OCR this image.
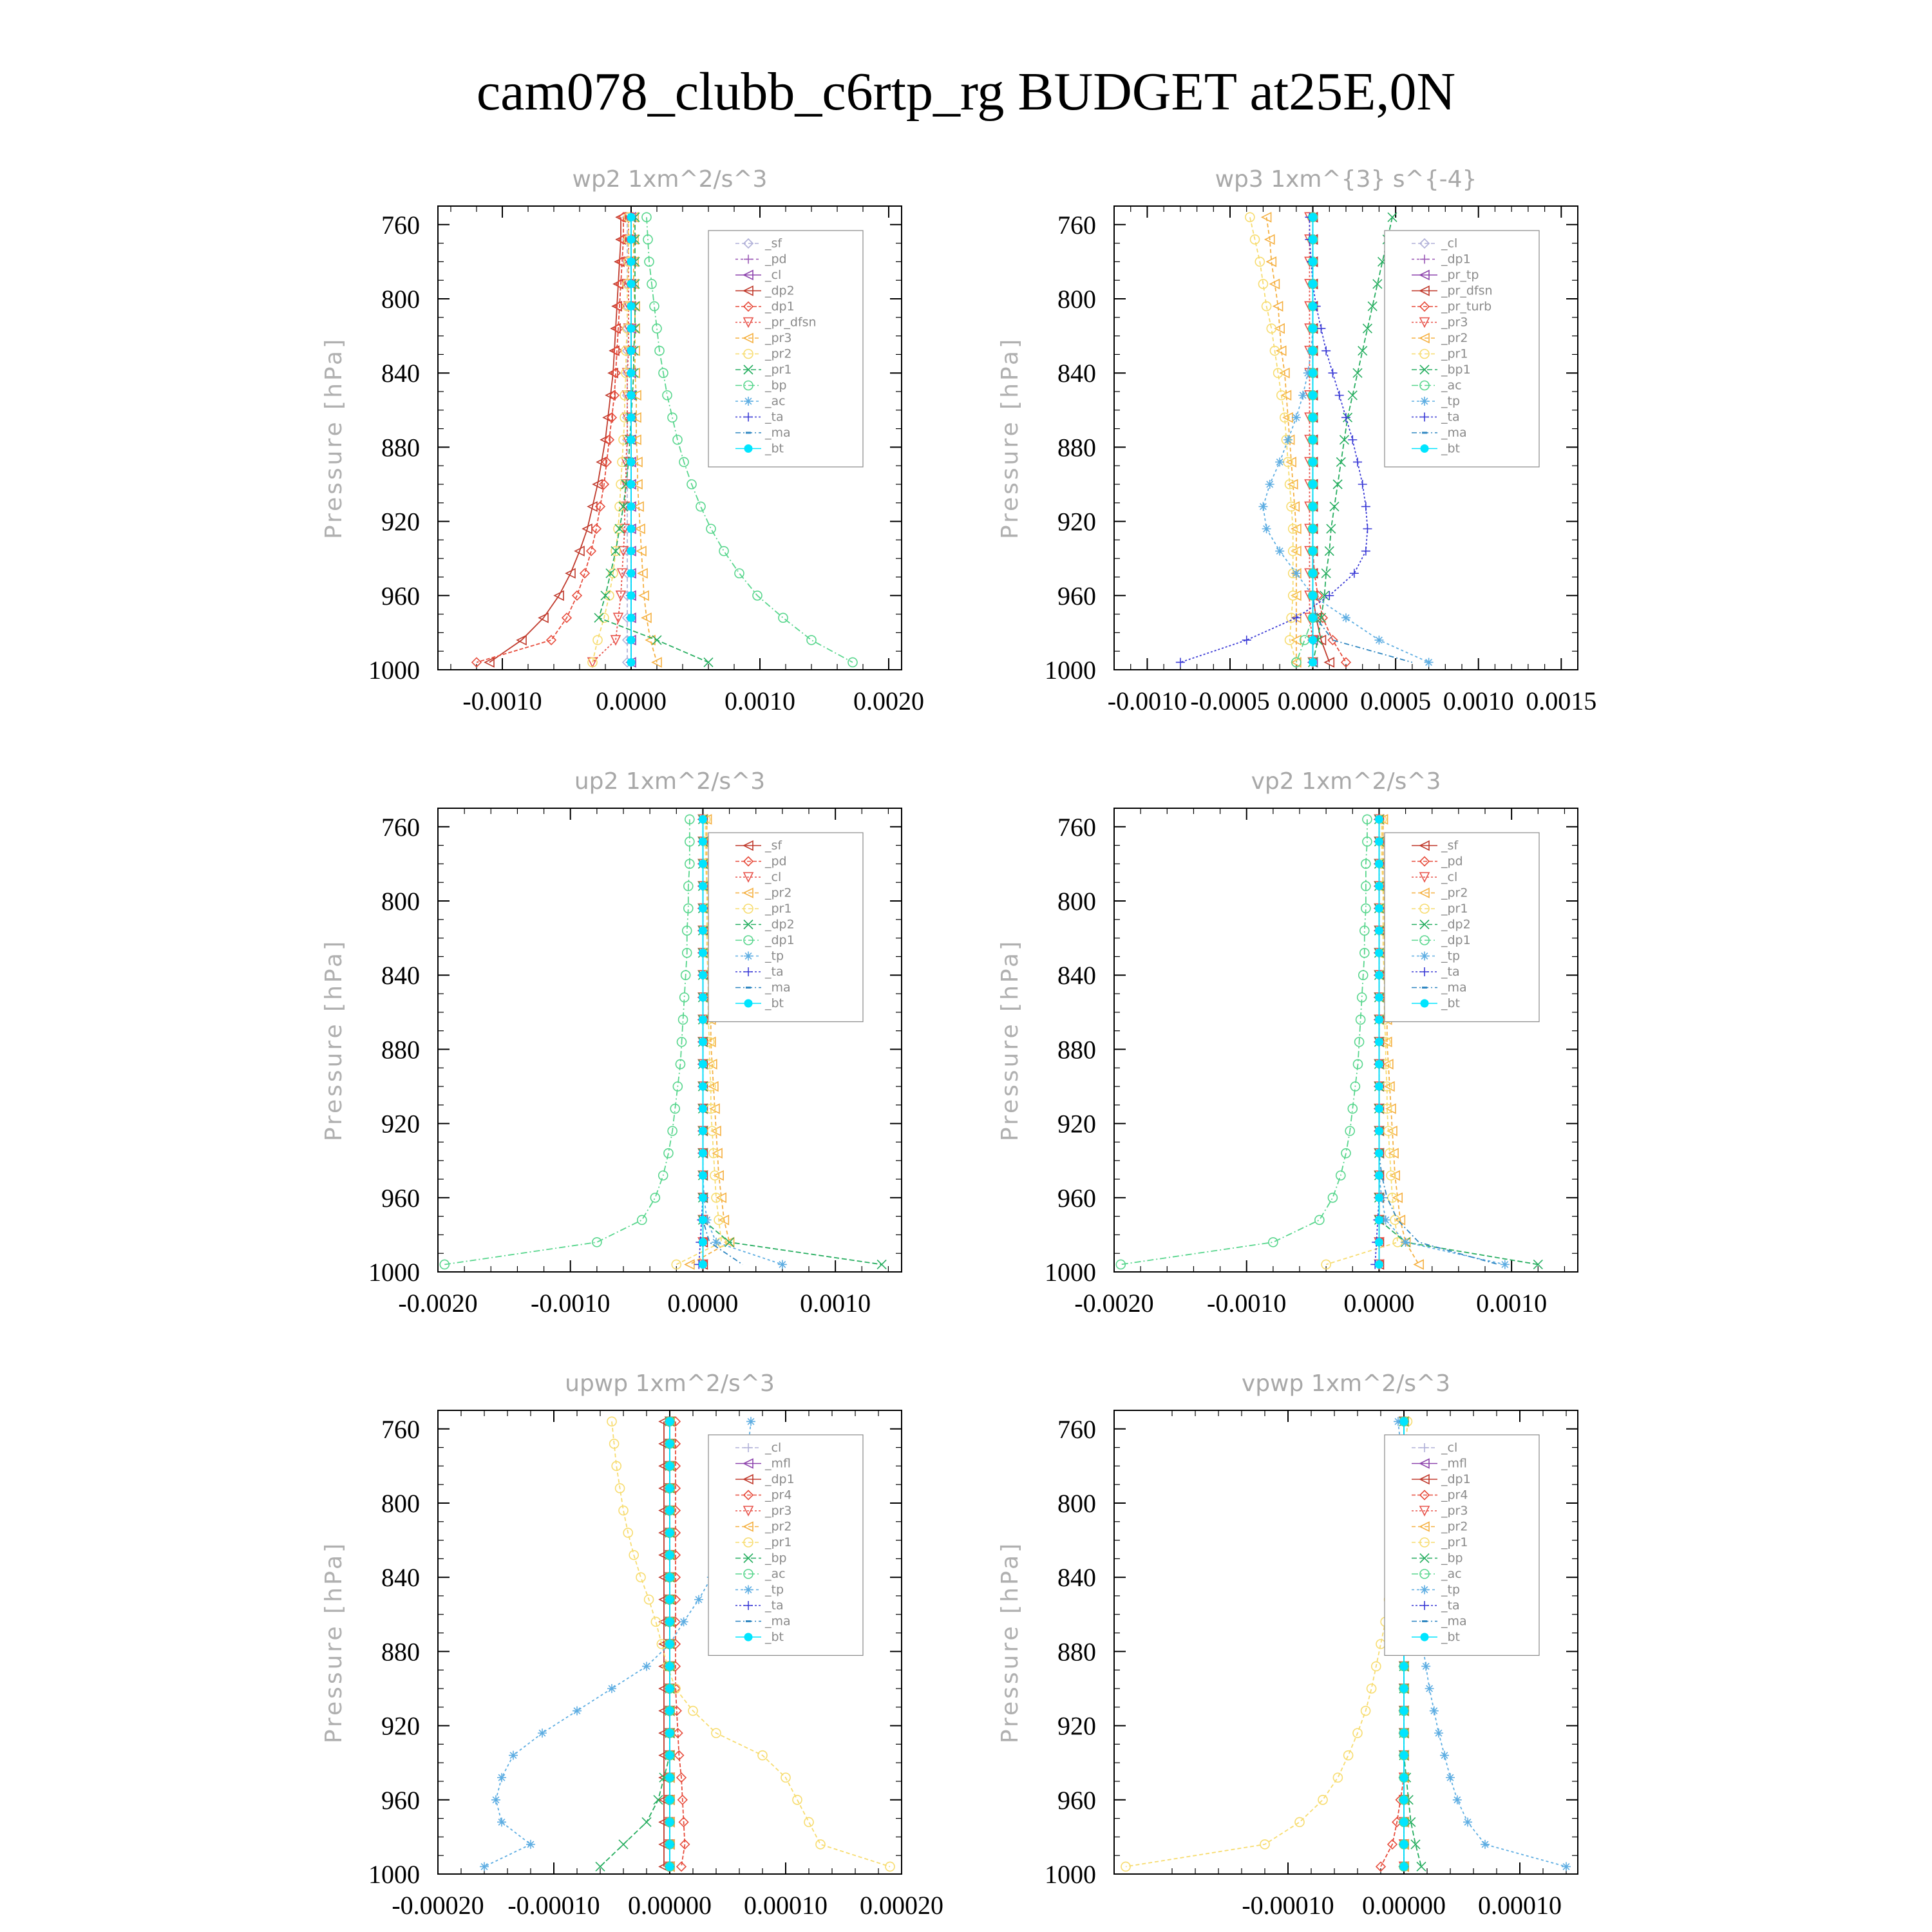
cam078_clubb_c6rtp_rg BUDGET at25E,0N
wp2 1xm^2/s^3
Pressure [hPa]
760
800
840
880
920
960
1000
-0.0010 0.0000 0.0010 0.0020
_sf
_pd
_cl
_dp2
_dp1
_pr_dfsn
_pr3
_pr2
_pr1
_bp
_ac
_ta
_ma
_bt
wp3 1xm^{3} s^{-4}
Pressure [hPa]
760
800
840
880
920
960
1000
-0.0010 -0.0005 0.0000 0.0005 0.0010 0.0015
_cl
_dp1
_pr_tp
_pr_dfsn
_pr_turb
_pr3
_pr2
_pr1
_bp1
_ac
_tp
_ta
_ma
_bt
up2 1xm^2/s^3
Pressure [hPa]
760
800
840
880
920
960
1000
-0.0020 -0.0010 0.0000 0.0010
_sf
_pd
_cl
_pr2
_pr1
_dp2
_dp1
_tp
_ta
_ma
_bt
vp2 1xm^2/s^3
Pressure [hPa]
760
800
840
880
920
960
1000
-0.0020 -0.0010 0.0000 0.0010
_sf
_pd
_cl
_pr2
_pr1
_dp2
_dp1
_tp
_ta
_ma
_bt
upwp 1xm^2/s^3
Pressure [hPa]
760
800
840
880
920
960
1000
-0.00020 -0.00010 0.00000 0.00010 0.00020
_cl
_mfl
_dp1
_pr4
_pr3
_pr2
_pr1
_bp
_ac
_tp
_ta
_ma
_bt
vpwp 1xm^2/s^3
Pressure [hPa]
760
800
840
880
920
960
1000
-0.00010 0.00000 0.00010
_cl
_mfl
_dp1
_pr4
_pr3
_pr2
_pr1
_bp
_ac
_tp
_ta
_ma
_bt
